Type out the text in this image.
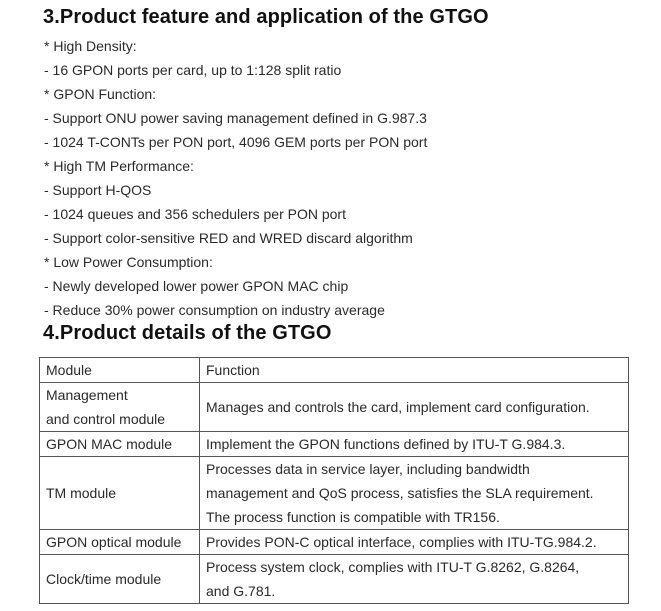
3.Product feature and application of the GTGO
* High Density:
- 16 GPON ports per card, up to 1:128 split ratio
* GPON Function:
- Support ONU power saving management defined in G.987.3
- 1024 T-CONTs per PON port, 4096 GEM ports per PON port
* High TM Performance:
- Support H-QOS
- 1024 queues and 356 schedulers per PON port
- Support color-sensitive RED and WRED discard algorithm
* Low Power Consumption:
- Newly developed lower power GPON MAC chip
- Reduce 30% power consumption on industry average
4.Product details of the GTGO
Module	Function

Management
and control module	Manages and controls the card, implement card configuration.

GPON MAC module	Implement the GPON functions defined by ITU-T G.984.3.

TM module	Processes data in service layer, including bandwidth
management and QoS process, satisfies the SLA requirement.
The process function is compatible with TR156.

GPON optical module	Provides PON-C optical interface, complies with ITU-TG.984.2.

Clock/time module	Process system clock, complies with ITU-T G.8262, G.8264,
and G.781.
